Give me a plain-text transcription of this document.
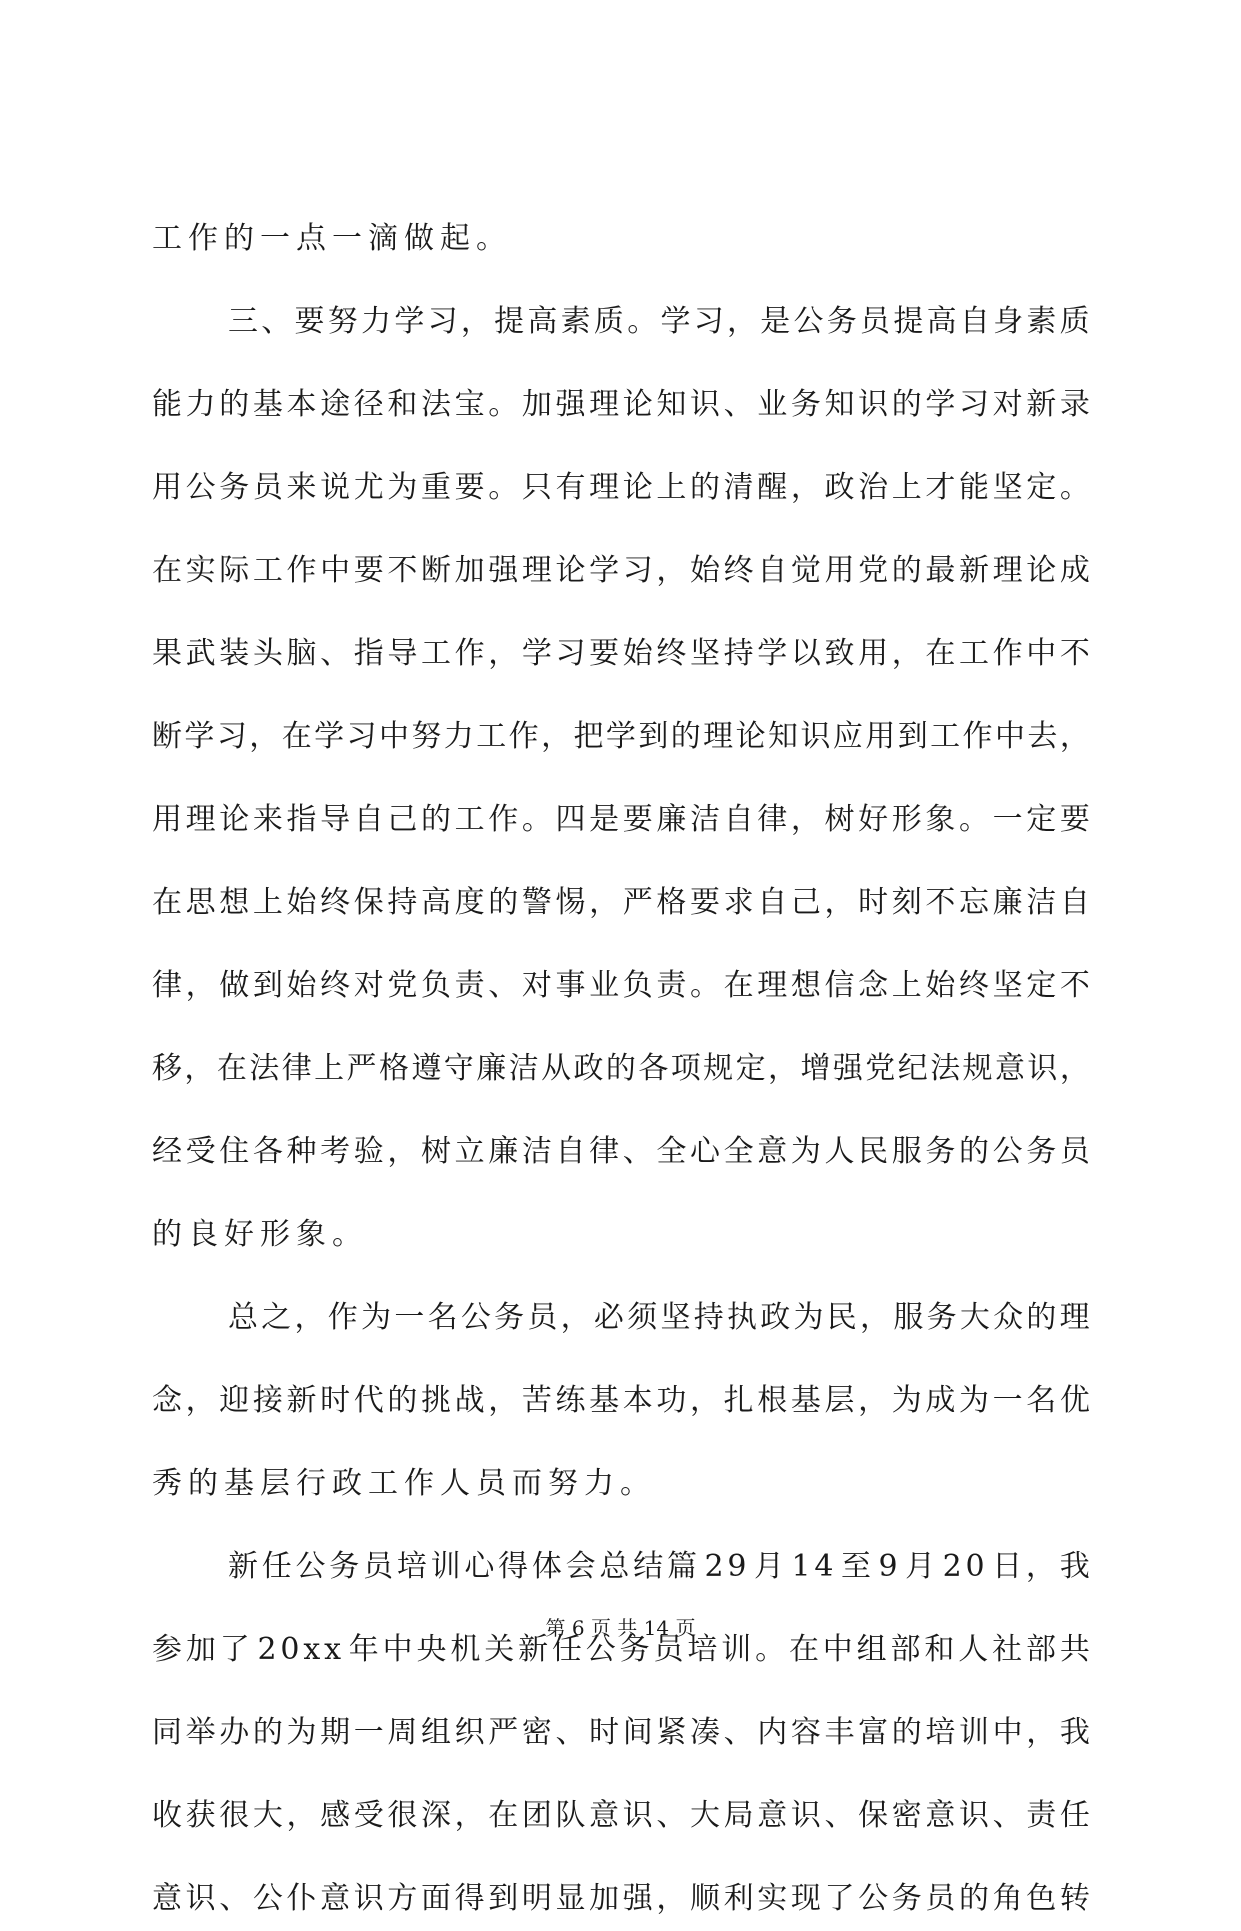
工作的一点一滴做起。
三 、 要 努 力 学 习 ， 提 高 素 质 。 学 习 ， 是 公 务 员 提 高 自 身 素 质
能 力 的 基 本 途 径 和 法 宝 。 加 强 理 论 知 识 、 业 务 知 识 的 学 习 对 新 录
用 公 务 员 来 说 尤 为 重 要 。 只 有 理 论 上 的 清 醒 ， 政 治 上 才 能 坚 定 。
在 实 际 工 作 中 要 不 断 加 强 理 论 学 习 ， 始 终 自 觉 用 党 的 最 新 理 论 成
果 武 装 头 脑 、 指 导 工 作 ， 学 习 要 始 终 坚 持 学 以 致 用 ， 在 工 作 中 不
断 学 习 ， 在 学 习 中 努 力 工 作 ， 把 学 到 的 理 论 知 识 应 用 到 工 作 中 去 ，
用 理 论 来 指 导 自 己 的 工 作 。 四 是 要 廉 洁 自 律 ， 树 好 形 象 。 一 定 要
在 思 想 上 始 终 保 持 高 度 的 警 惕 ， 严 格 要 求 自 己 ， 时 刻 不 忘 廉 洁 自
律 ， 做 到 始 终 对 党 负 责 、 对 事 业 负 责 。 在 理 想 信 念 上 始 终 坚 定 不
移 ， 在 法 律 上 严 格 遵 守 廉 洁 从 政 的 各 项 规 定 ， 增 强 党 纪 法 规 意 识 ，
经 受 住 各 种 考 验 ， 树 立 廉 洁 自 律 、 全 心 全 意 为 人 民 服 务 的 公 务 员
的良好形象。
总 之 ， 作 为 一 名 公 务 员 ， 必 须 坚 持 执 政 为 民 ， 服 务 大 众 的 理
念 ， 迎 接 新 时 代 的 挑 战 ， 苦 练 基 本 功 ， 扎 根 基 层 ， 为 成 为 一 名 优
秀的基层行政工作人员而努力。
新 任 公 务 员 培 训 心 得 体 会 总 结 篇 2 9 月 1 4 至 9 月 2 0 日 ， 我
参 加 了 2 0 x x 年 中 央 机 关 新 任 公 务 员 培 训 。 在 中 组 部 和 人 社 部 共
同 举 办 的 为 期 一 周 组 织 严 密 、 时 间 紧 凑 、 内 容 丰 富 的 培 训 中 ， 我
收 获 很 大 ， 感 受 很 深 ， 在 团 队 意 识 、 大 局 意 识 、 保 密 意 识 、 责 任
意 识 、 公 仆 意 识 方 面 得 到 明 显 加 强 ， 顺 利 实 现 了 公 务 员 的 角 色 转
第 6 页 共 14 页
